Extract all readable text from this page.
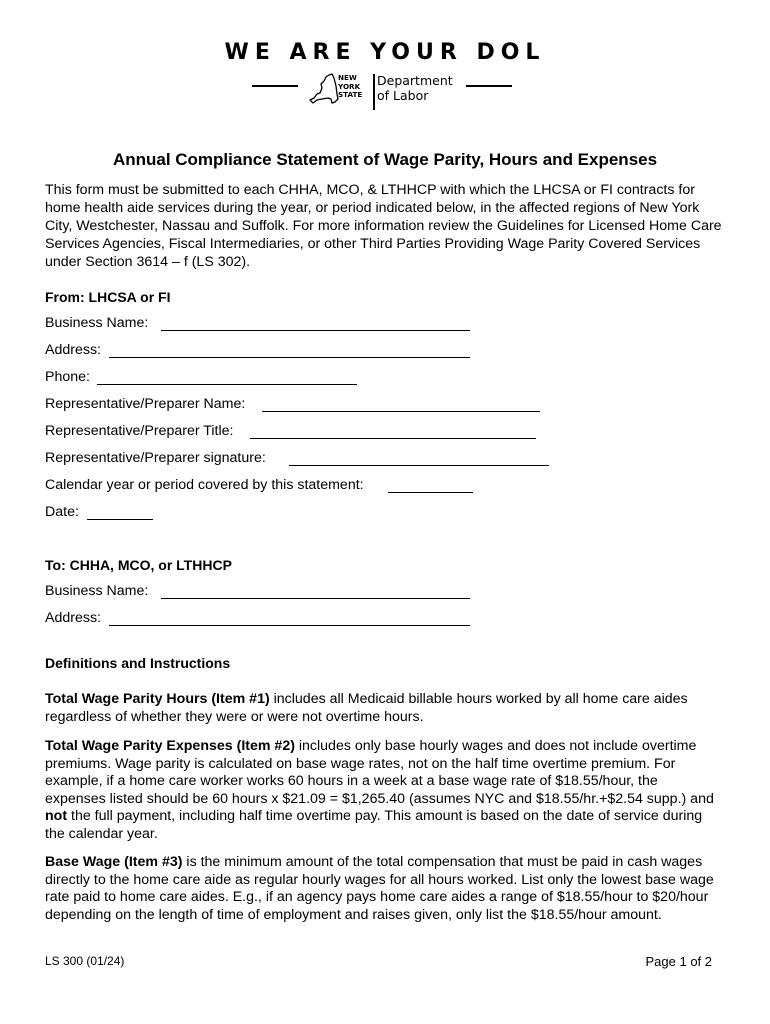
WE ARE YOUR DOL
NEW
YORK
STATE
Department
of Labor
Annual Compliance Statement of Wage Parity, Hours and Expenses
This form must be submitted to each CHHA, MCO, & LTHHCP with which the LHCSA or FI contracts for home health aide services during the year, or period indicated below, in the affected regions of New York City, Westchester, Nassau and Suffolk. For more information review the Guidelines for Licensed Home Care Services Agencies, Fiscal Intermediaries, or other Third Parties Providing Wage Parity Covered Services under Section 3614 – f (LS 302).
From: LHCSA or FI
Business Name:
Address:
Phone:
Representative/Preparer Name:
Representative/Preparer Title:
Representative/Preparer signature:
Calendar year or period covered by this statement:
Date:
To: CHHA, MCO, or LTHHCP
Business Name:
Address:
Definitions and Instructions
Total Wage Parity Hours (Item #1) includes all Medicaid billable hours worked by all home care aides regardless of whether they were or were not overtime hours.
Total Wage Parity Expenses (Item #2) includes only base hourly wages and does not include overtime premiums. Wage parity is calculated on base wage rates, not on the half time overtime premium. For example, if a home care worker works 60 hours in a week at a base wage rate of $18.55/hour, the expenses listed should be 60 hours x $21.09 = $1,265.40 (assumes NYC and $18.55/hr.+$2.54 supp.) and not the full payment, including half time overtime pay. This amount is based on the date of service during the calendar year.
Base Wage (Item #3) is the minimum amount of the total compensation that must be paid in cash wages directly to the home care aide as regular hourly wages for all hours worked. List only the lowest base wage rate paid to home care aides. E.g., if an agency pays home care aides a range of $18.55/hour to $20/hour depending on the length of time of employment and raises given, only list the $18.55/hour amount.
LS 300 (01/24)	Page 1 of 2
